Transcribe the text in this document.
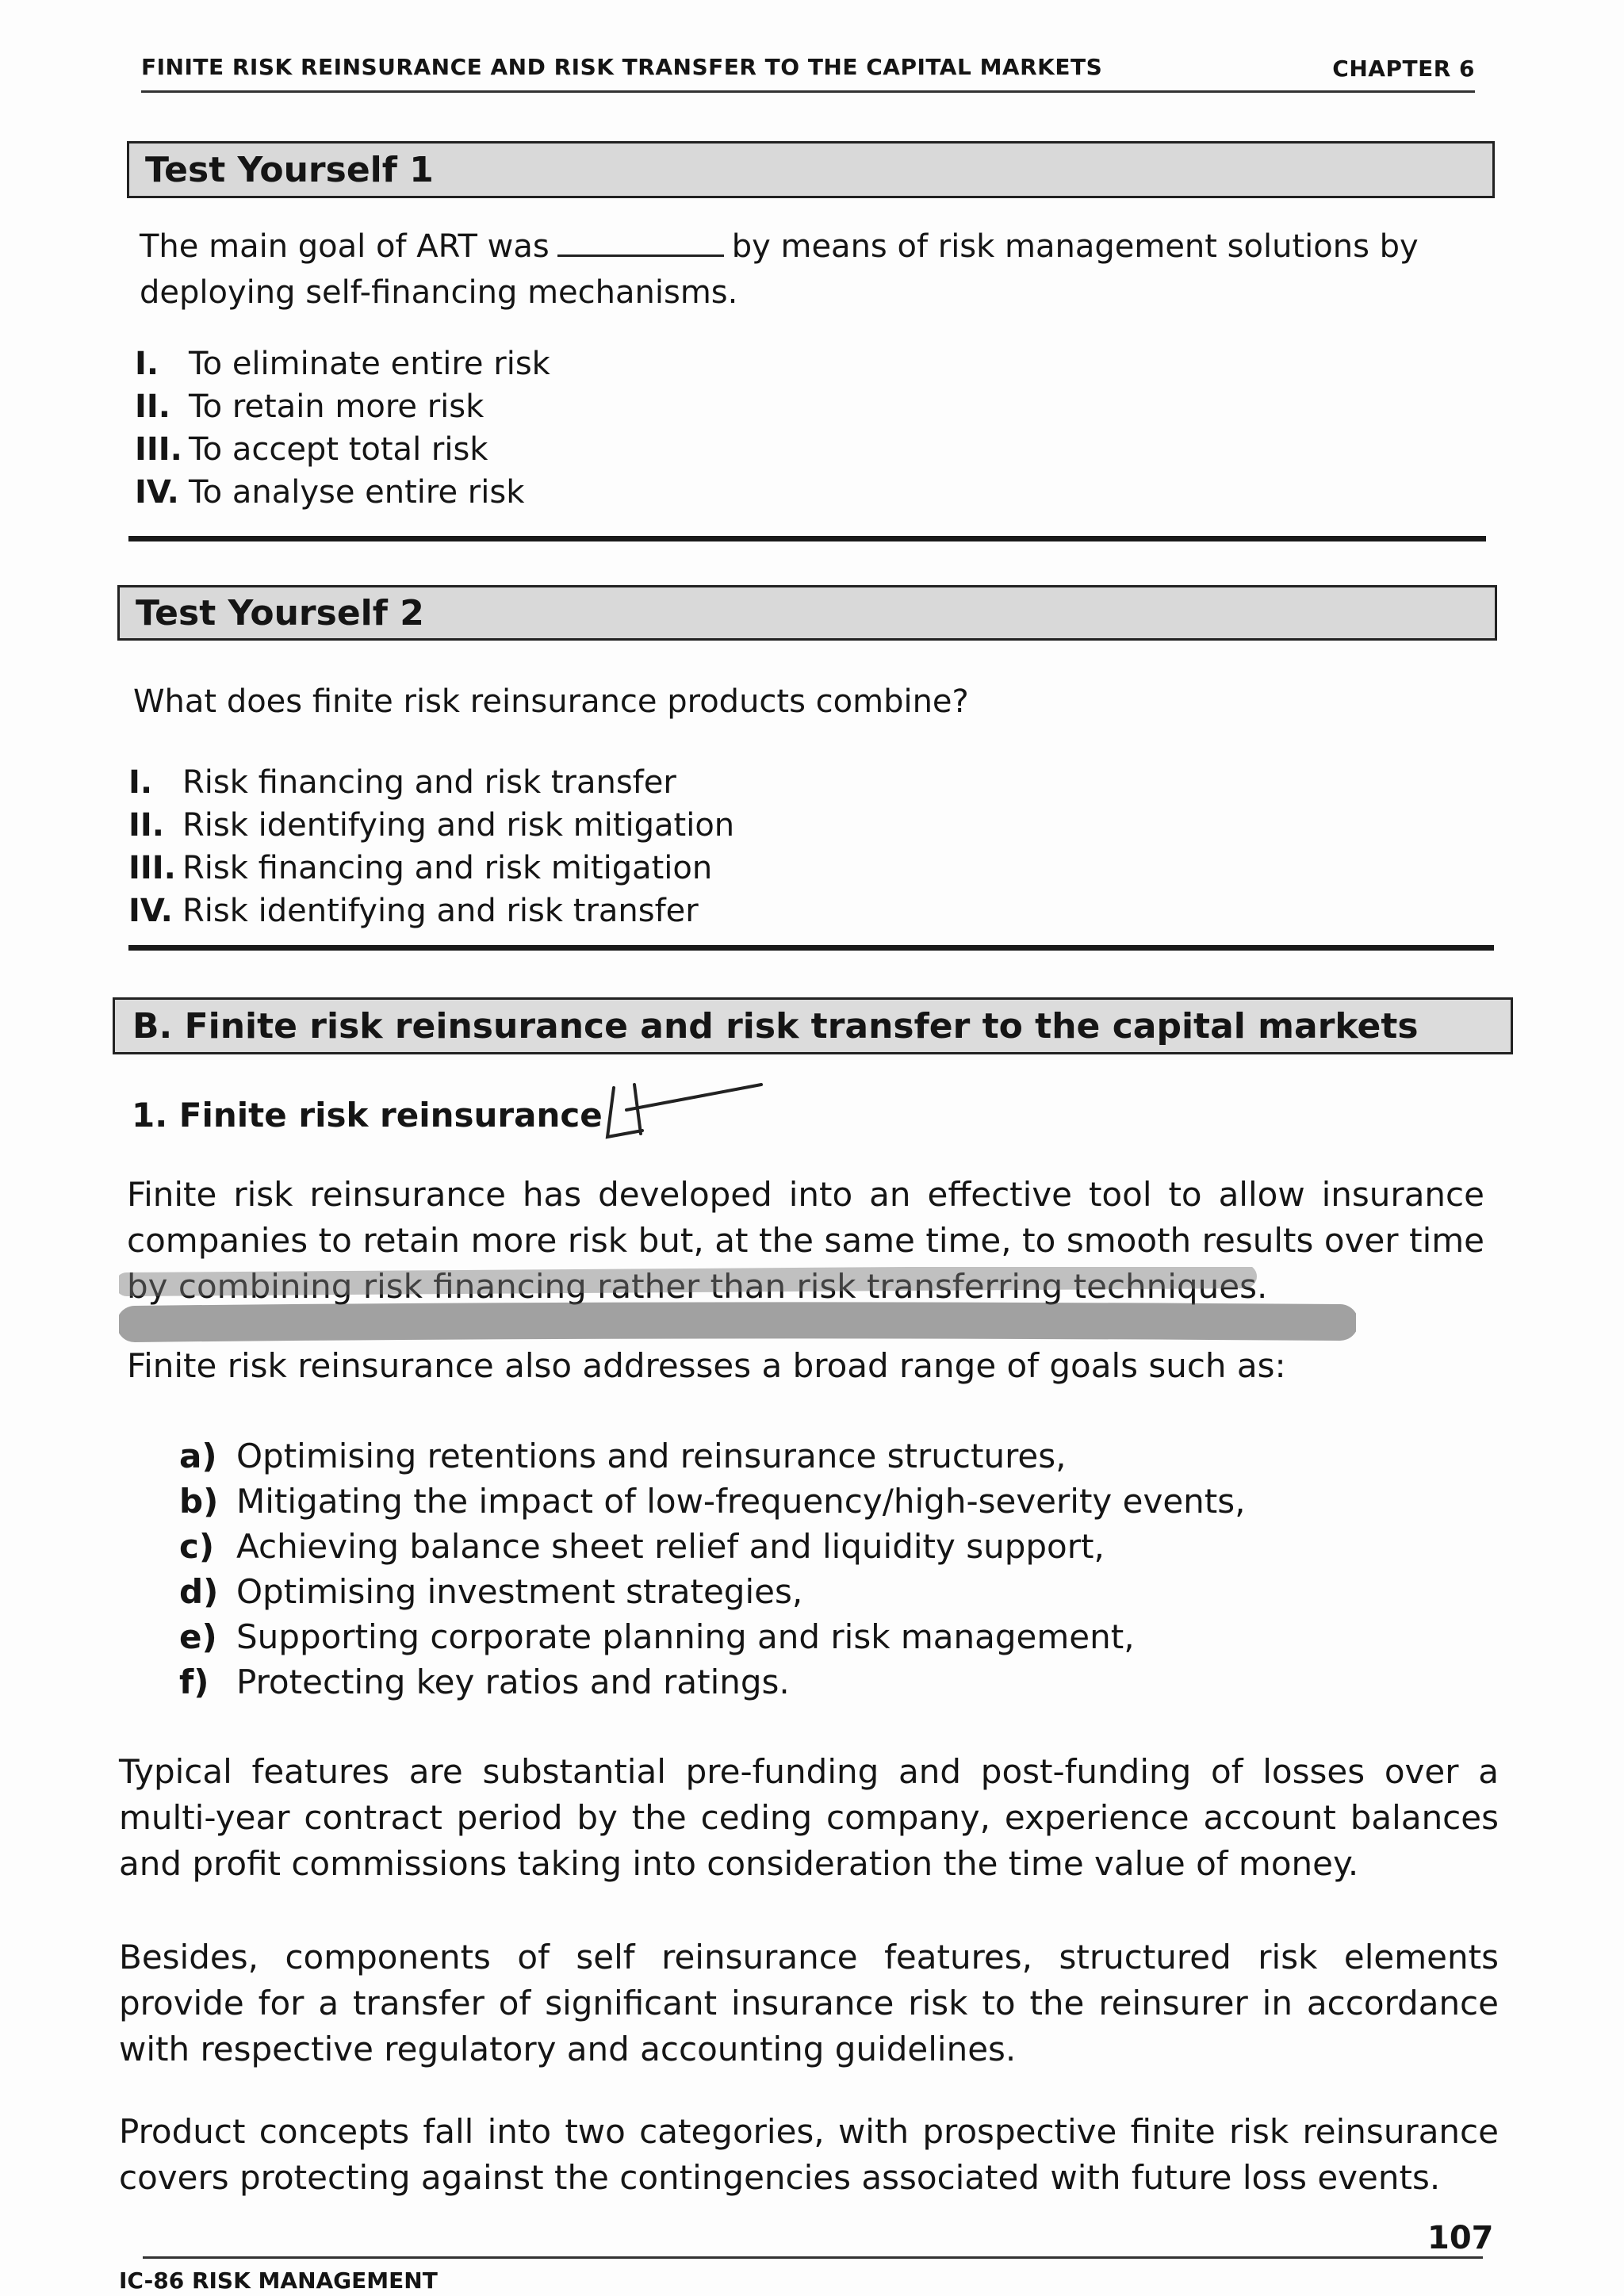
FINITE RISK REINSURANCE AND RISK TRANSFER TO THE CAPITAL MARKETS	CHAPTER 6
Test Yourself 1
The main goal of ART was	by means of risk management solutions by deploying self-financing mechanisms.
I. To eliminate entire risk
II. To retain more risk
III. To accept total risk
IV. To analyse entire risk
Test Yourself 2
What does finite risk reinsurance products combine?
I. Risk financing and risk transfer
II. Risk identifying and risk mitigation
III. Risk financing and risk mitigation
IV. Risk identifying and risk transfer
B. Finite risk reinsurance and risk transfer to the capital markets
1. Finite risk reinsurance
Finite risk reinsurance has developed into an effective tool to allow insurance companies to retain more risk but, at the same time, to smooth results over time by combining risk financing rather than risk transferring techniques.
Finite risk reinsurance also addresses a broad range of goals such as:
a) Optimising retentions and reinsurance structures,
b) Mitigating the impact of low-frequency/high-severity events,
c) Achieving balance sheet relief and liquidity support,
d) Optimising investment strategies,
e) Supporting corporate planning and risk management,
f) Protecting key ratios and ratings.
Typical features are substantial pre-funding and post-funding of losses over a multi-year contract period by the ceding company, experience account balances and profit commissions taking into consideration the time value of money.
Besides, components of self reinsurance features, structured risk elements provide for a transfer of significant insurance risk to the reinsurer in accordance with respective regulatory and accounting guidelines.
Product concepts fall into two categories, with prospective finite risk reinsurance covers protecting against the contingencies associated with future loss events.
107
IC-86 RISK MANAGEMENT
